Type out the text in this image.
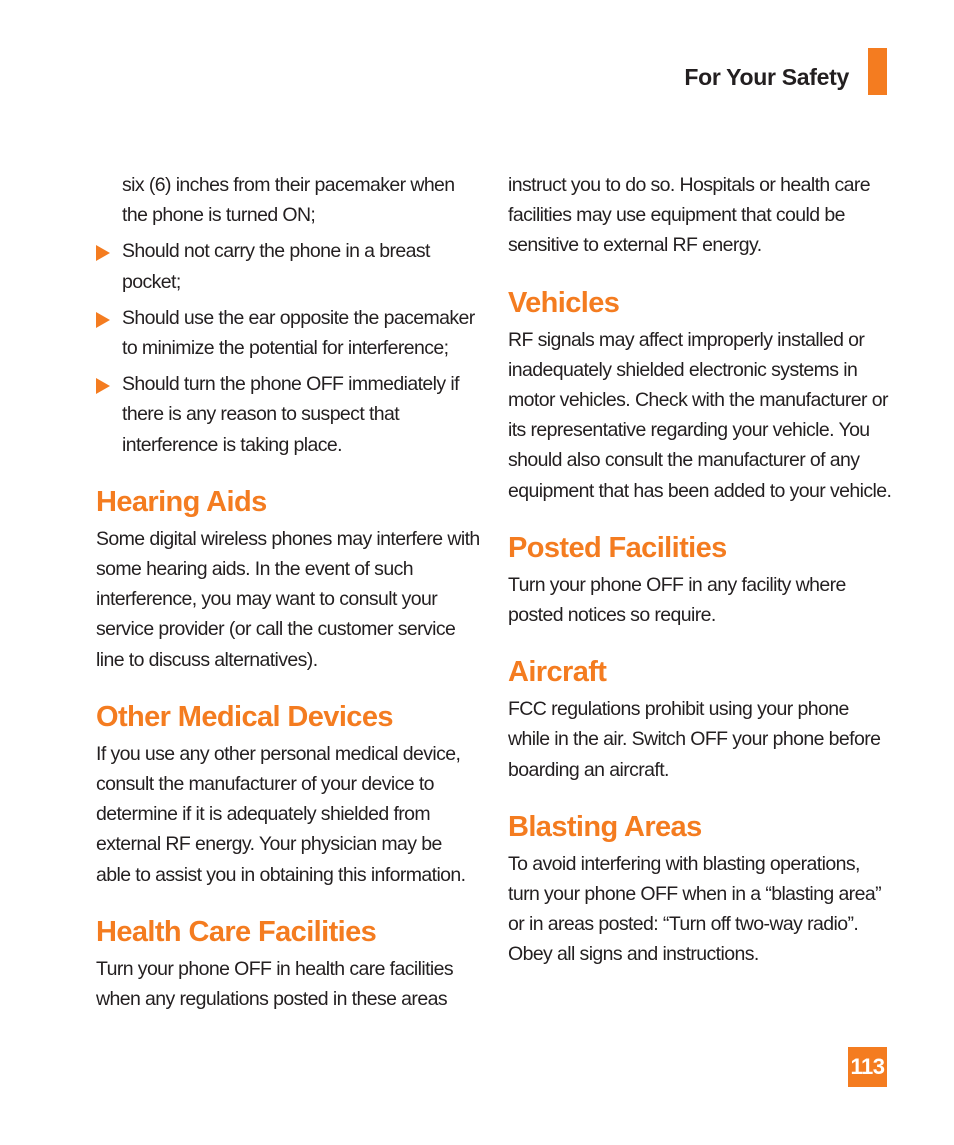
For Your Safety

six (6) inches from their pacemaker when the phone is turned ON;

Should not carry the phone in a breast pocket;

Should use the ear opposite the pacemaker to minimize the potential for interference;

Should turn the phone OFF immediately if there is any reason to suspect that interference is taking place.

Hearing Aids

Some digital wireless phones may interfere with some hearing aids. In the event of such interference, you may want to consult your service provider (or call the customer service line to discuss alternatives).

Other Medical Devices

If you use any other personal medical device, consult the manufacturer of your device to determine if it is adequately shielded from external RF energy. Your physician may be able to assist you in obtaining this information.

Health Care Facilities

Turn your phone OFF in health care facilities when any regulations posted in these areas

instruct you to do so. Hospitals or health care facilities may use equipment that could be sensitive to external RF energy.

Vehicles

RF signals may affect improperly installed or inadequately shielded electronic systems in motor vehicles. Check with the manufacturer or its representative regarding your vehicle. You should also consult the manufacturer of any equipment that has been added to your vehicle.

Posted Facilities

Turn your phone OFF in any facility where posted notices so require.

Aircraft

FCC regulations prohibit using your phone while in the air. Switch OFF your phone before boarding an aircraft.

Blasting Areas

To avoid interfering with blasting operations, turn your phone OFF when in a “blasting area” or in areas posted: “Turn off two-way radio”. Obey all signs and instructions.

113
